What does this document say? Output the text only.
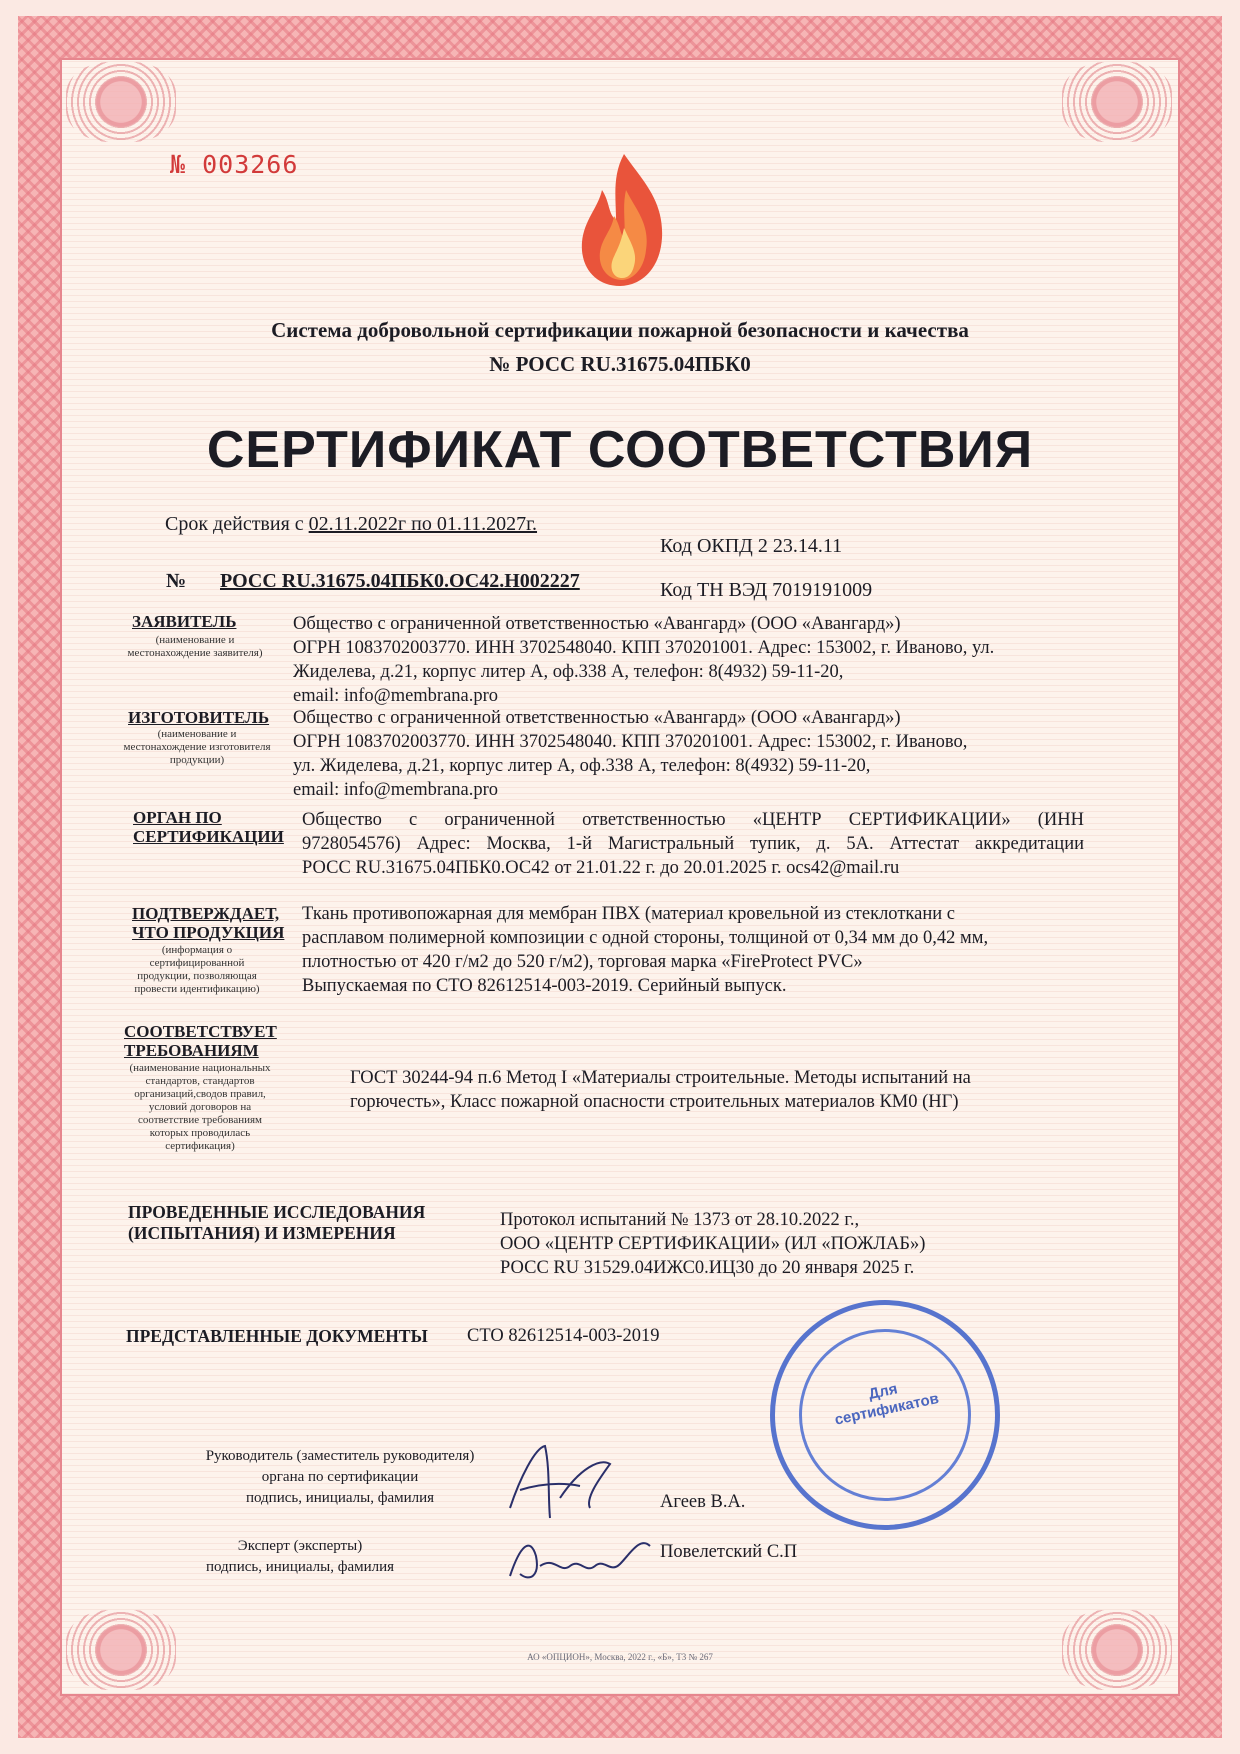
№ 003266
Система добровольной сертификации пожарной безопасности и качества
№ РОСС RU.31675.04ПБК0
СЕРТИФИКАТ СООТВЕТСТВИЯ
Срок действия с 02.11.2022г по 01.11.2027г.
Код ОКПД 2 23.14.11
Код ТН ВЭД 7019191009
№ РОСС RU.31675.04ПБК0.ОС42.Н002227
ЗАЯВИТЕЛЬ
(наименование и местонахождение заявителя)
Общество с ограниченной ответственностью «Авангард» (ООО «Авангард»)
ОГРН 1083702003770. ИНН 3702548040. КПП 370201001. Адрес: 153002, г. Иваново, ул.
Жиделева, д.21, корпус литер А, оф.338 А, телефон: 8(4932) 59-11-20,
email: info@membrana.pro
ИЗГОТОВИТЕЛЬ
(наименование и местонахождение изготовителя продукции)
Общество с ограниченной ответственностью «Авангард» (ООО «Авангард»)
ОГРН 1083702003770. ИНН 3702548040. КПП 370201001. Адрес: 153002, г. Иваново,
ул. Жиделева, д.21, корпус литер А, оф.338 А, телефон: 8(4932) 59-11-20,
email: info@membrana.pro
ОРГАН ПО
СЕРТИФИКАЦИИ
Общество с ограниченной ответственностью «ЦЕНТР СЕРТИФИКАЦИИ» (ИНН
9728054576) Адрес: Москва, 1-й Магистральный тупик, д. 5А. Аттестат аккредитации
РОСС RU.31675.04ПБК0.ОС42 от 21.01.22 г. до 20.01.2025 г. ocs42@mail.ru
ПОДТВЕРЖДАЕТ,
ЧТО ПРОДУКЦИЯ
(информация о сертифицированной продукции, позволяющая провести идентификацию)
Ткань противопожарная для мембран ПВХ (материал кровельной из стеклоткани с
расплавом полимерной композиции с одной стороны, толщиной от 0,34 мм до 0,42 мм,
плотностью от 420 г/м2 до 520 г/м2), торговая марка «FireProtect PVC»
Выпускаемая по СТО 82612514-003-2019. Серийный выпуск.
СООТВЕТСТВУЕТ
ТРЕБОВАНИЯМ
(наименование национальных стандартов, стандартов организаций,сводов правил, условий договоров на соответствие требованиям которых проводилась сертификация)
ГОСТ 30244-94 п.6 Метод I «Материалы строительные. Методы испытаний на
горючесть», Класс пожарной опасности строительных материалов КМ0 (НГ)
ПРОВЕДЕННЫЕ ИССЛЕДОВАНИЯ
(ИСПЫТАНИЯ) И ИЗМЕРЕНИЯ
Протокол испытаний № 1373 от 28.10.2022 г.,
ООО «ЦЕНТР СЕРТИФИКАЦИИ» (ИЛ «ПОЖЛАБ»)
РОСС RU 31529.04ИЖС0.ИЦ30 до 20 января 2025 г.
ПРЕДСТАВЛЕННЫЕ ДОКУМЕНТЫ СТО 82612514-003-2019
Для сертификатов
Руководитель (заместитель руководителя)
органа по сертификации
подпись, инициалы, фамилия	Агеев В.А.
Эксперт (эксперты)
подпись, инициалы, фамилия
Повелетский С.П
АО «ОПЦИОН», Москва, 2022 г., «Б», Т3 № 267
